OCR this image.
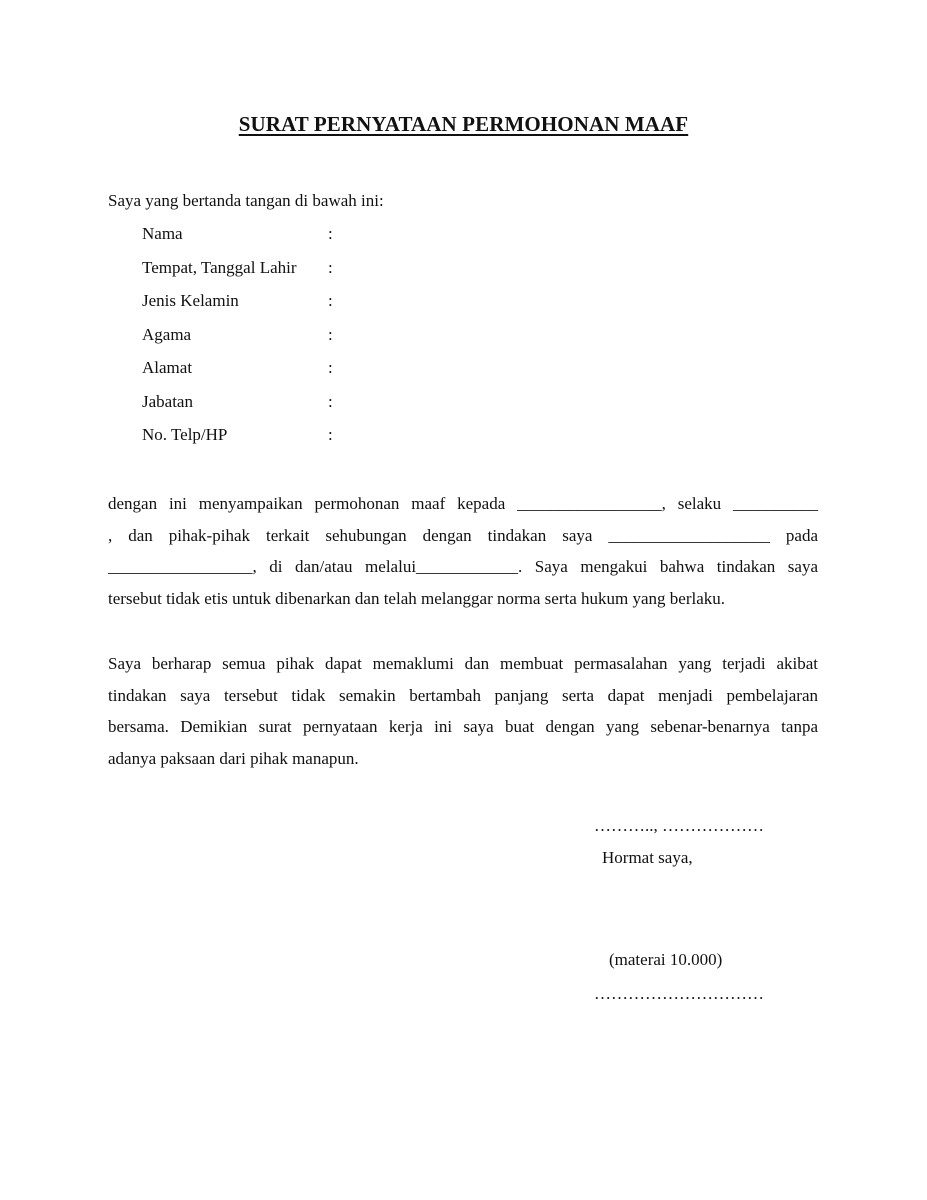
SURAT PERNYATAAN PERMOHONAN MAAF
Saya yang bertanda tangan di bawah ini:
Nama	:
Tempat, Tanggal Lahir :
Jenis Kelamin	:
Agama	:
Alamat	:
Jabatan	:
No. Telp/HP	:
dengan ini menyampaikan permohonan maaf kepada _________________, selaku __________
, dan pihak-pihak terkait sehubungan dengan tindakan saya ___________________ pada
_________________, di dan/atau melalui____________. Saya mengakui bahwa tindakan saya
tersebut tidak etis untuk dibenarkan dan telah melanggar norma serta hukum yang berlaku.
Saya berharap semua pihak dapat memaklumi dan membuat permasalahan yang terjadi akibat
tindakan saya tersebut tidak semakin bertambah panjang serta dapat menjadi pembelajaran
bersama. Demikian surat pernyataan kerja ini saya buat dengan yang sebenar-benarnya tanpa
adanya paksaan dari pihak manapun.
……….., ………………
Hormat saya,
(materai 10.000)
…………………………
